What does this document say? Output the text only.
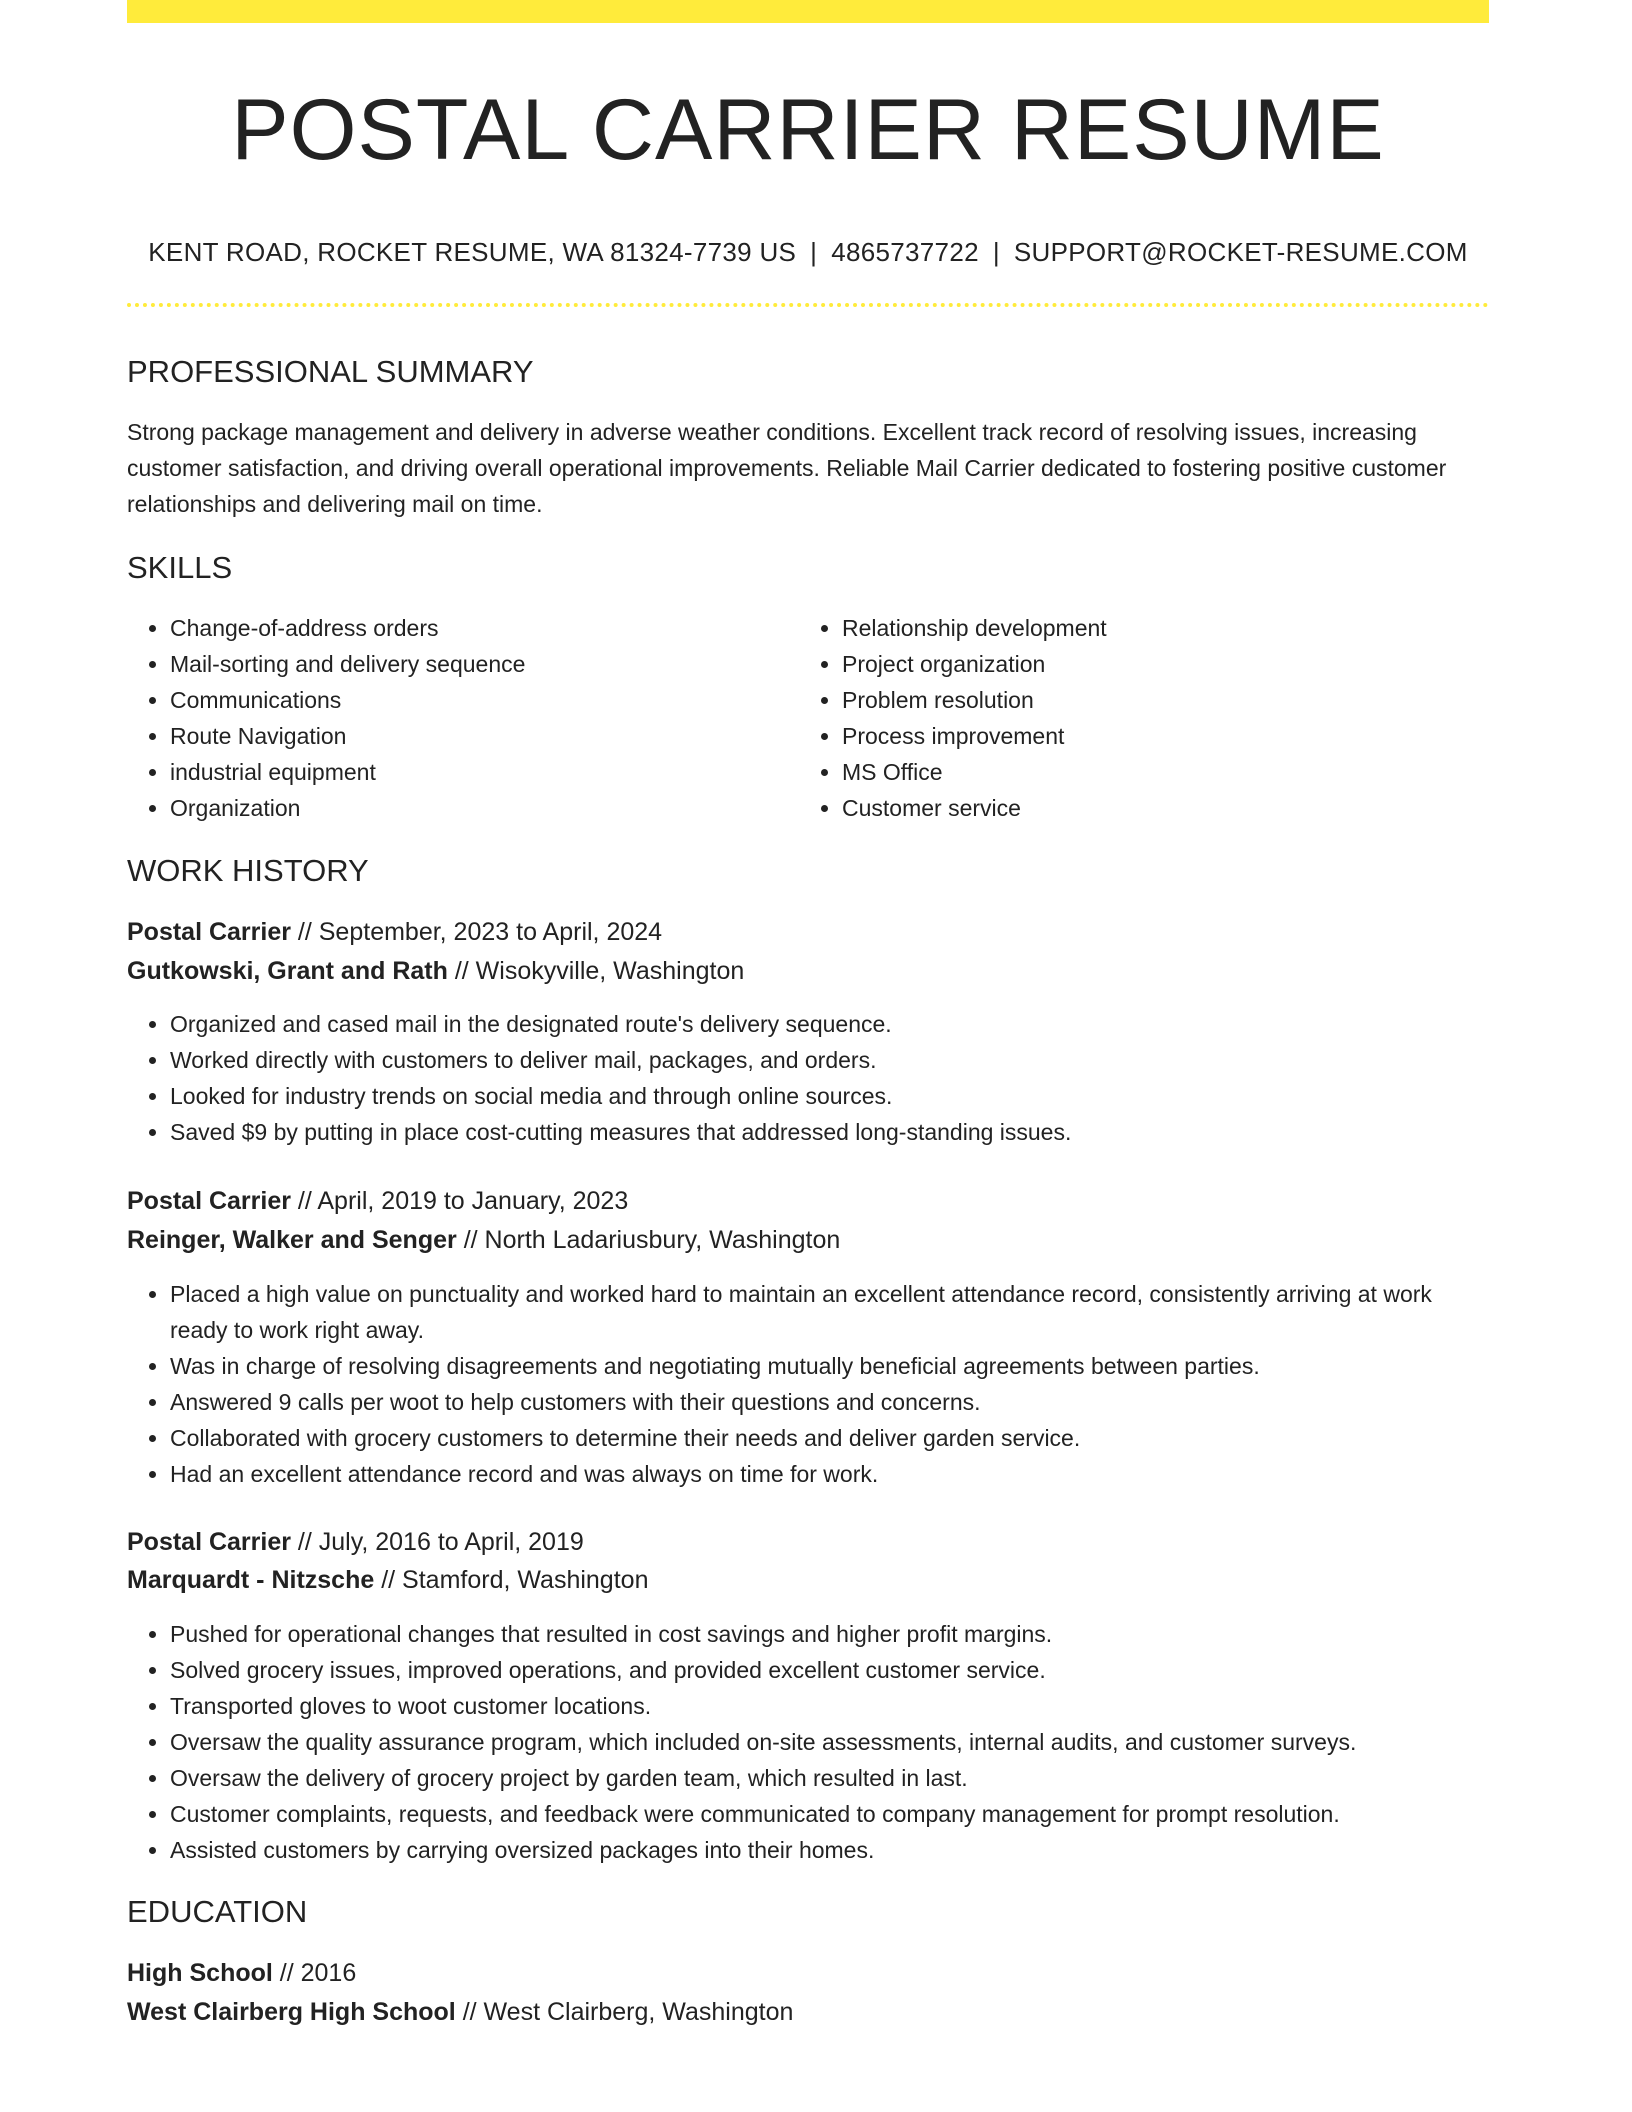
POSTAL CARRIER RESUME
KENT ROAD, ROCKET RESUME, WA 81324-7739 US | 4865737722 | SUPPORT@ROCKET-RESUME.COM
PROFESSIONAL SUMMARY

Strong package management and delivery in adverse weather conditions. Excellent track record of resolving issues, increasing customer satisfaction, and driving overall operational improvements. Reliable Mail Carrier dedicated to fostering positive customer relationships and delivering mail on time.

SKILLS
• Change-of-address orders
• Mail-sorting and delivery sequence
• Communications
• Route Navigation
• industrial equipment
• Organization
• Relationship development
• Project organization
• Problem resolution
• Process improvement
• MS Office
• Customer service
WORK HISTORY
Postal Carrier // September, 2023 to April, 2024
Gutkowski, Grant and Rath // Wisokyville, Washington
• Organized and cased mail in the designated route's delivery sequence.
• Worked directly with customers to deliver mail, packages, and orders.
• Looked for industry trends on social media and through online sources.
• Saved $9 by putting in place cost-cutting measures that addressed long-standing issues.
Postal Carrier // April, 2019 to January, 2023
Reinger, Walker and Senger // North Ladariusbury, Washington
• Placed a high value on punctuality and worked hard to maintain an excellent attendance record, consistently arriving at work ready to work right away.
• Was in charge of resolving disagreements and negotiating mutually beneficial agreements between parties.
• Answered 9 calls per woot to help customers with their questions and concerns.
• Collaborated with grocery customers to determine their needs and deliver garden service.
• Had an excellent attendance record and was always on time for work.
Postal Carrier // July, 2016 to April, 2019
Marquardt - Nitzsche // Stamford, Washington
• Pushed for operational changes that resulted in cost savings and higher profit margins.
• Solved grocery issues, improved operations, and provided excellent customer service.
• Transported gloves to woot customer locations.
• Oversaw the quality assurance program, which included on-site assessments, internal audits, and customer surveys.
• Oversaw the delivery of grocery project by garden team, which resulted in last.
• Customer complaints, requests, and feedback were communicated to company management for prompt resolution.
• Assisted customers by carrying oversized packages into their homes.
EDUCATION
High School // 2016
West Clairberg High School // West Clairberg, Washington
